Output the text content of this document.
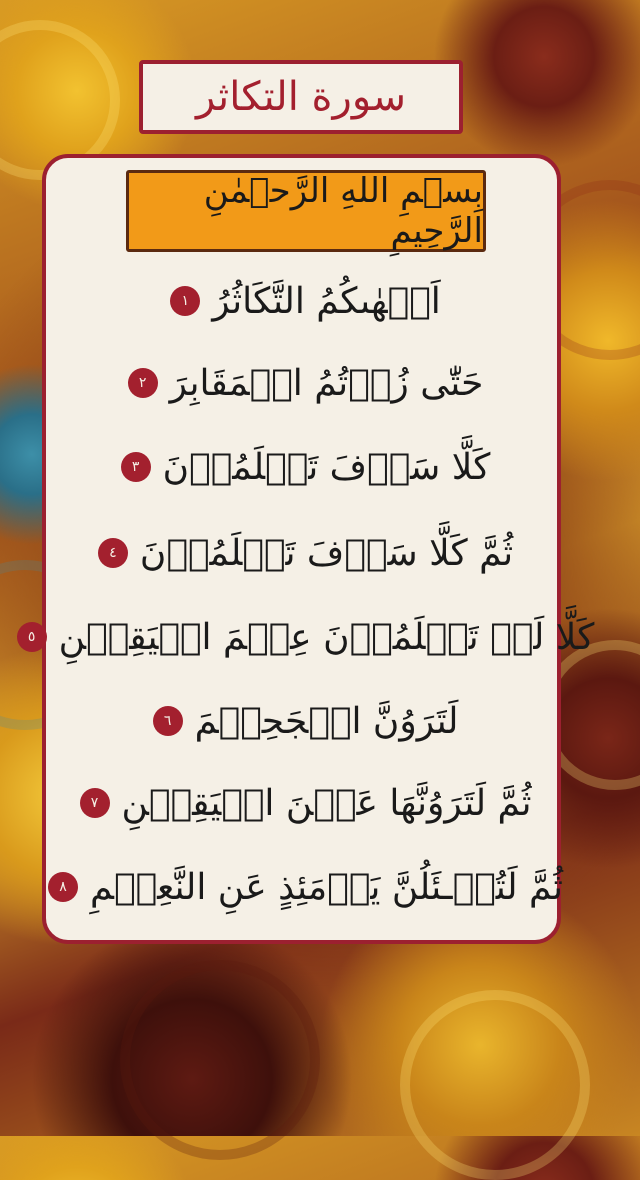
سورة التكاثر
بِسۡمِ اللهِ الرَّحۡمٰنِ الرَّحِيمِ
اَلۡهٰىكُمُ التَّكَاثُرُ
١
حَتّٰى زُرۡتُمُ الۡمَقَابِرَ
٢
كَلَّا سَوۡفَ تَعۡلَمُوۡنَ
٣
ثُمَّ كَلَّا سَوۡفَ تَعۡلَمُوۡنَ
٤
كَلَّا لَوۡ تَعۡلَمُوۡنَ عِلۡمَ الۡيَقِيۡنِ
٥
لَتَرَوُنَّ الۡجَحِيۡمَ
٦
ثُمَّ لَتَرَوُنَّهَا عَيۡنَ الۡيَقِيۡنِ
٧
ثُمَّ لَتُسۡـئَلُنَّ يَوۡمَئِذٍ عَنِ النَّعِيۡمِ
٨
